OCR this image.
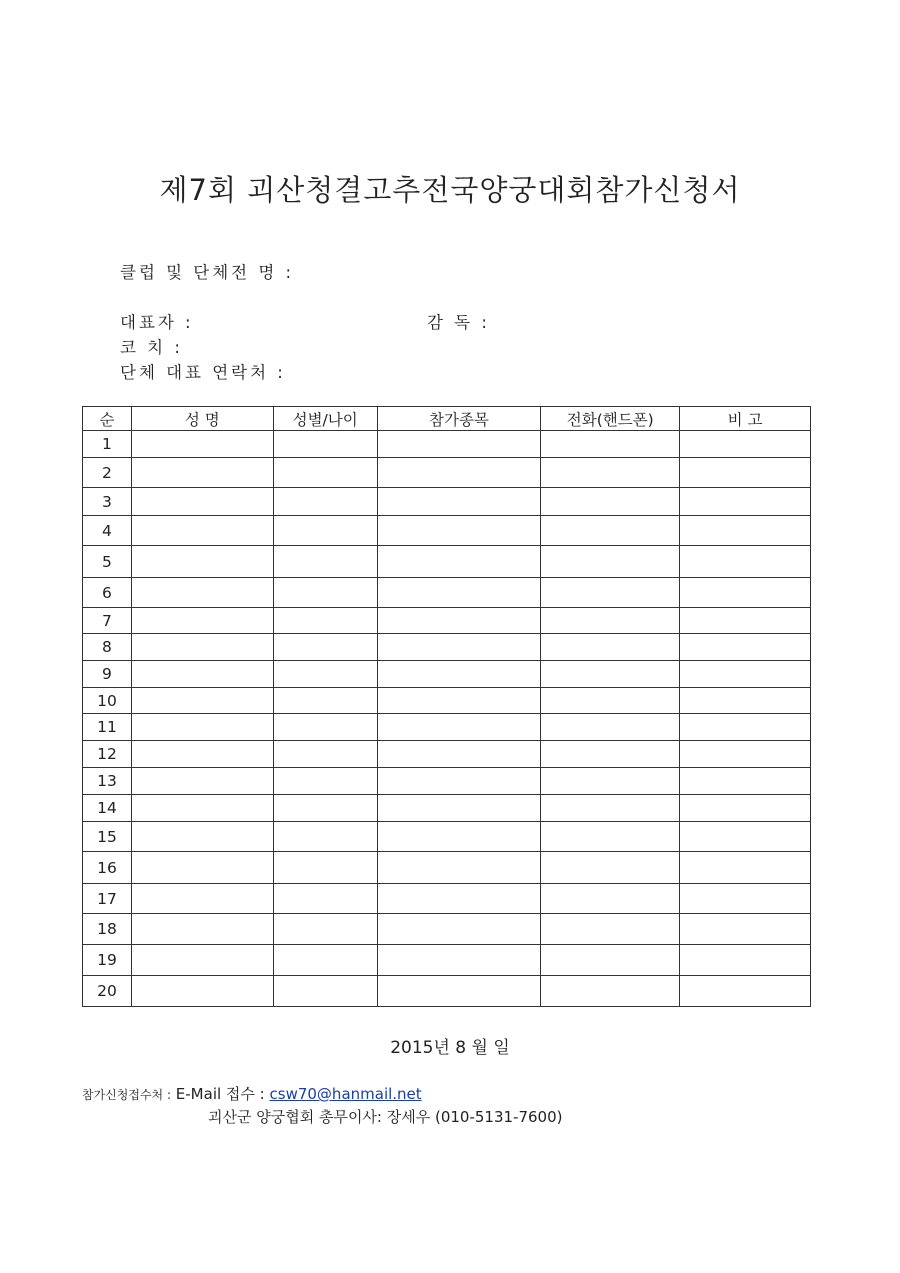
제7회 괴산청결고추전국양궁대회참가신청서
클럽 및 단체전 명 :
대표자 :	감 독 :
코 치 :
단체 대표 연락처 :
순	성 명	성별/나이	참가종목	전화(핸드폰)	비 고
1					
2					
3					
4					
5					
6					
7					
8					
9					
10					
11					
12					
13					
14					
15					
16					
17					
18					
19					
20					
2015년 8 월 일
참가신청접수처 : E-Mail 접수 : csw70@hanmail.net
괴산군 양궁협회 총무이사: 장세우 (010-5131-7600)
